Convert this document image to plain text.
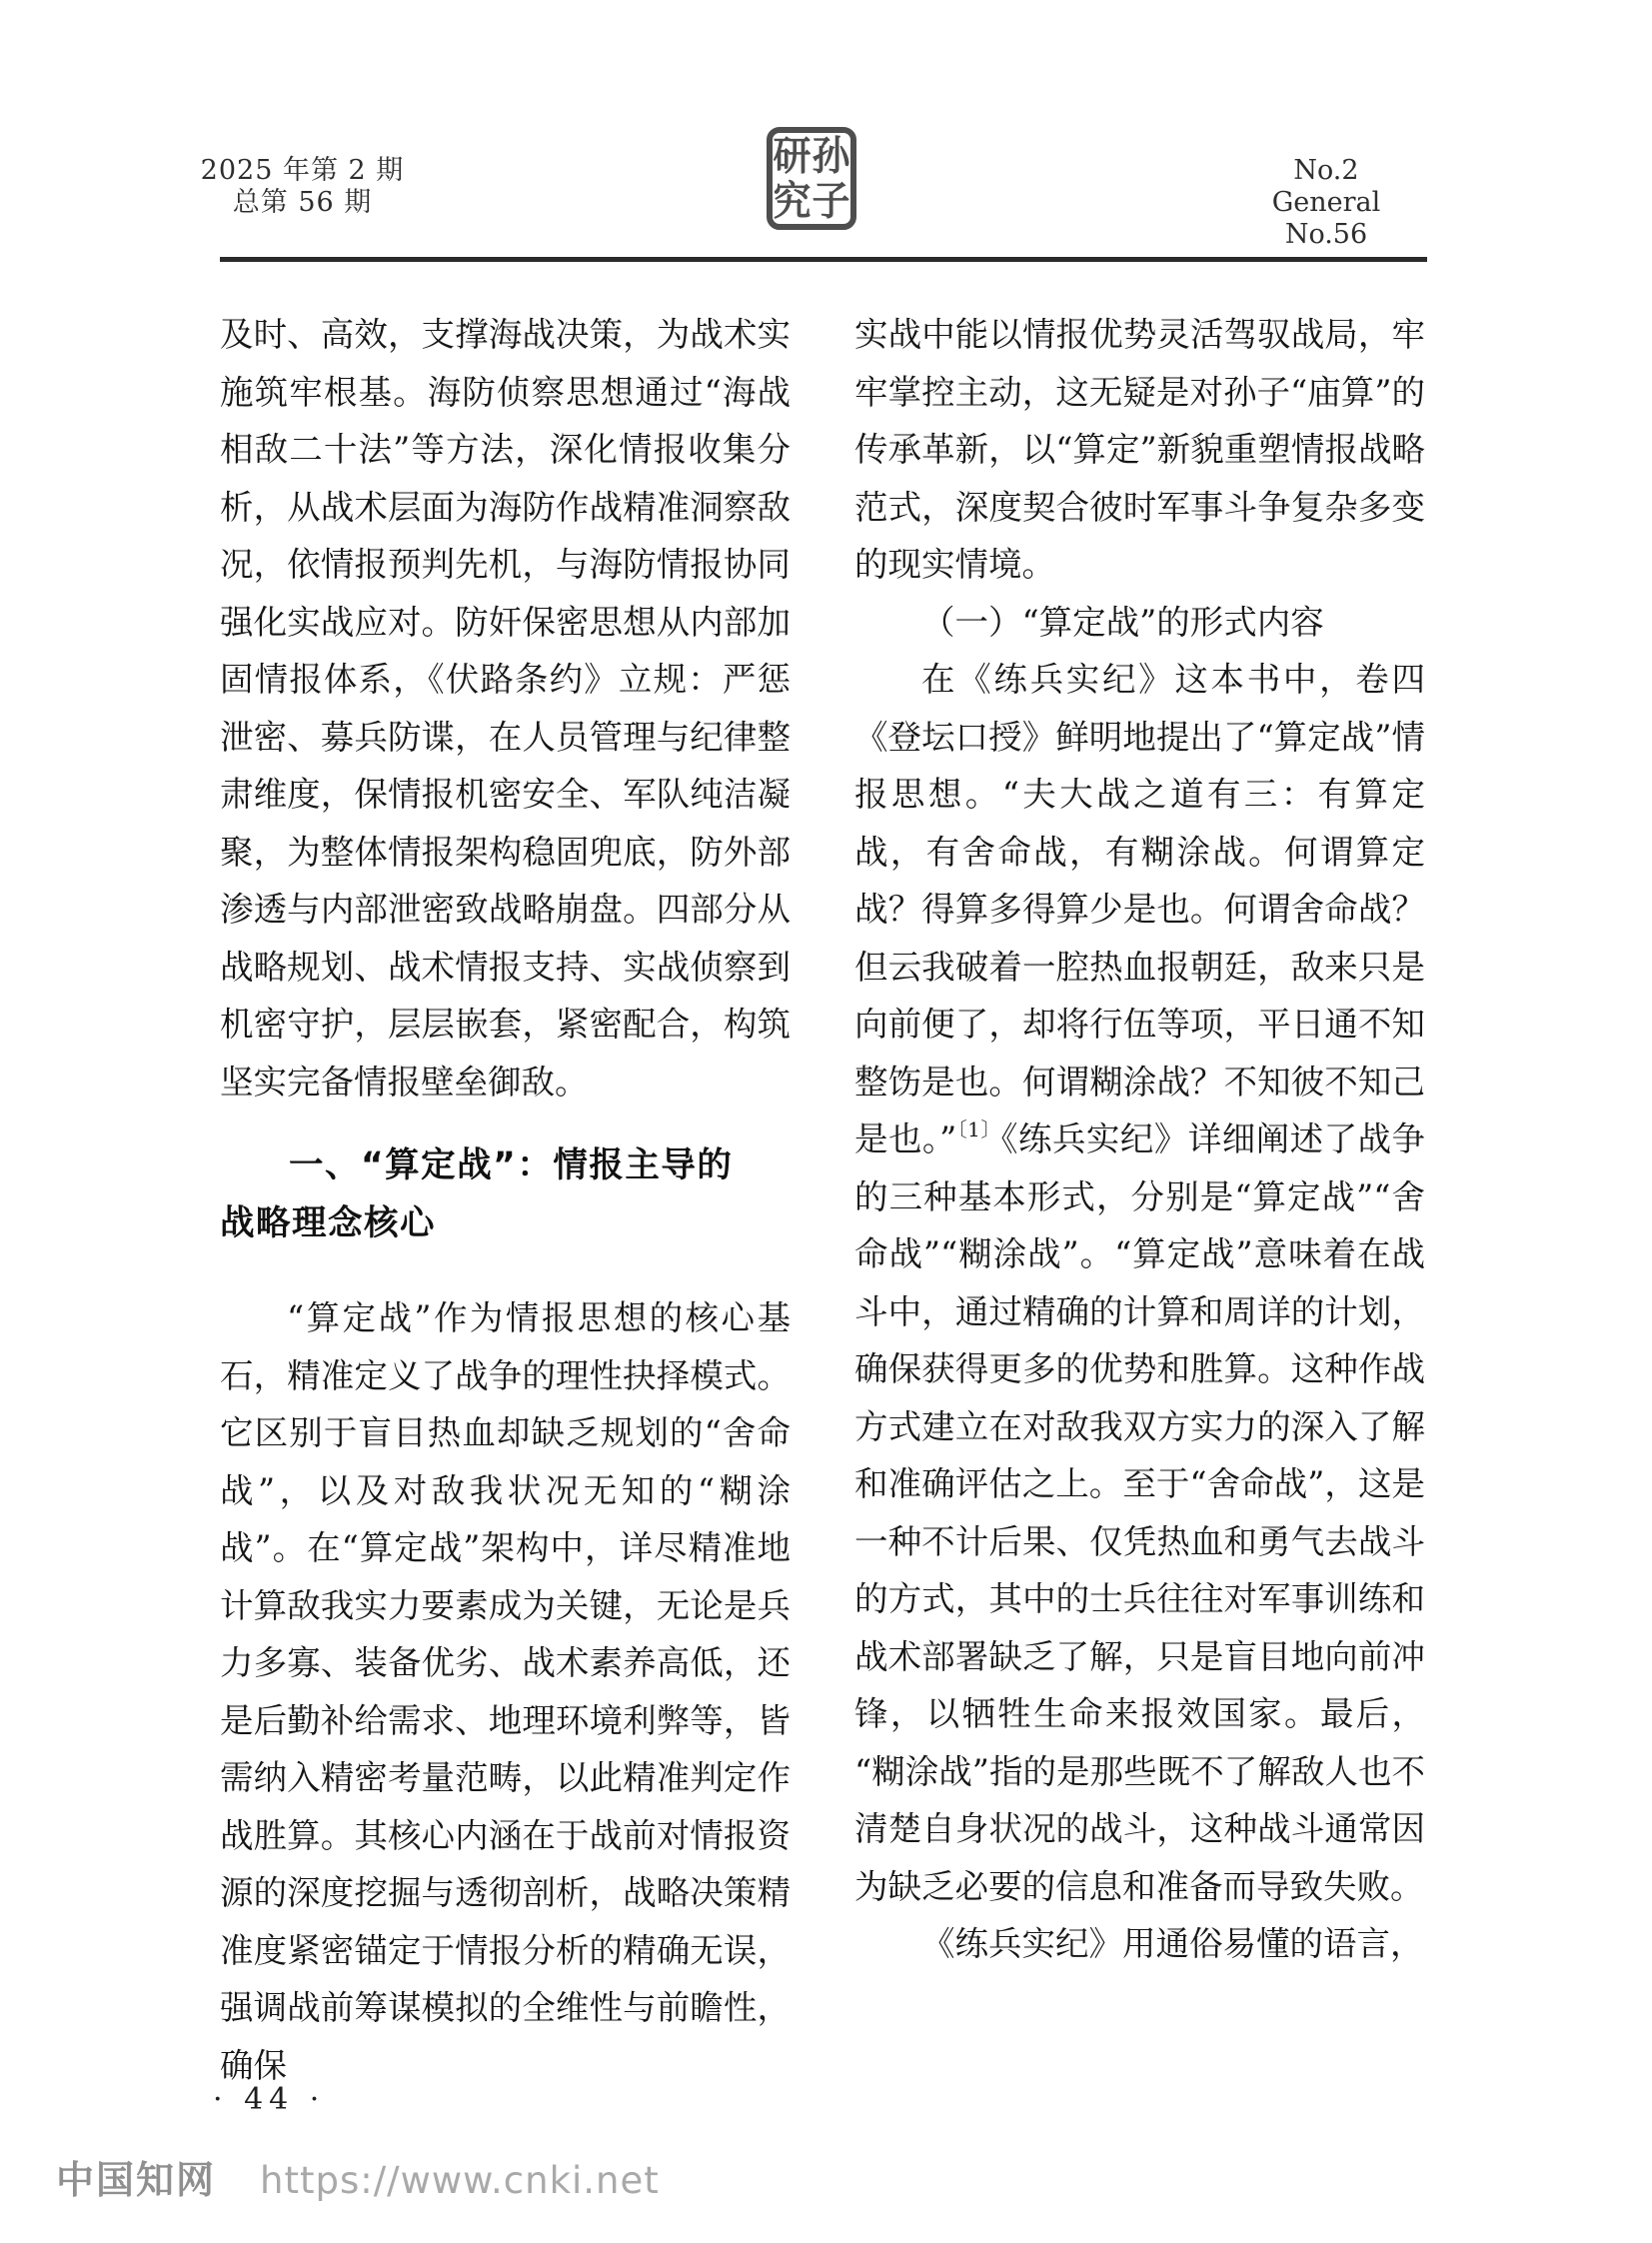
2025 年第 2 期
总第 56 期
研 孙
究 子
No.2
General No.56

及时、高效，支撑海战决策，为战术实施筑牢根基。海防侦察思想通过“海战相敌二十法”等方法，深化情报收集分析，从战术层面为海防作战精准洞察敌况，依情报预判先机，与海防情报协同强化实战应对。防奸保密思想从内部加固情报体系，《伏路条约》立规：严惩泄密、募兵防谍，在人员管理与纪律整肃维度，保情报机密安全、军队纯洁凝聚，为整体情报架构稳固兜底，防外部渗透与内部泄密致战略崩盘。四部分从战略规划、战术情报支持、实战侦察到机密守护，层层嵌套，紧密配合，构筑坚实完备情报壁垒御敌。

一、“算定战”：情报主导的
战略理念核心

“算定战”作为情报思想的核心基石，精准定义了战争的理性抉择模式。它区别于盲目热血却缺乏规划的“舍命战”，以及对敌我状况无知的“糊涂战”。在“算定战”架构中，详尽精准地计算敌我实力要素成为关键，无论是兵力多寡、装备优劣、战术素养高低，还是后勤补给需求、地理环境利弊等，皆需纳入精密考量范畴，以此精准判定作战胜算。其核心内涵在于战前对情报资源的深度挖掘与透彻剖析，战略决策精准度紧密锚定于情报分析的精确无误，强调战前筹谋模拟的全维性与前瞻性，确保

实战中能以情报优势灵活驾驭战局，牢牢掌控主动，这无疑是对孙子“庙算”的传承革新，以“算定”新貌重塑情报战略范式，深度契合彼时军事斗争复杂多变的现实情境。

（一）“算定战”的形式内容

在《练兵实纪》这本书中，卷四《登坛口授》鲜明地提出了“算定战”情报思想。“夫大战之道有三：有算定战，有舍命战，有糊涂战。何谓算定战？得算多得算少是也。何谓舍命战？但云我破着一腔热血报朝廷，敌来只是向前便了，却将行伍等项，平日通不知整饬是也。何谓糊涂战？不知彼不知己是也。”$^{〔1〕}$《练兵实纪》详细阐述了战争的三种基本形式，分别是“算定战”“舍命战”“糊涂战”。“算定战”意味着在战斗中，通过精确的计算和周详的计划，确保获得更多的优势和胜算。这种作战方式建立在对敌我双方实力的深入了解和准确评估之上。至于“舍命战”，这是一种不计后果、仅凭热血和勇气去战斗的方式，其中的士兵往往对军事训练和战术部署缺乏了解，只是盲目地向前冲锋，以牺牲生命来报效国家。最后，“糊涂战”指的是那些既不了解敌人也不清楚自身状况的战斗，这种战斗通常因为缺乏必要的信息和准备而导致失败。

《练兵实纪》用通俗易懂的语言，

· 44 ·
中国知网 https://www.cnki.net
